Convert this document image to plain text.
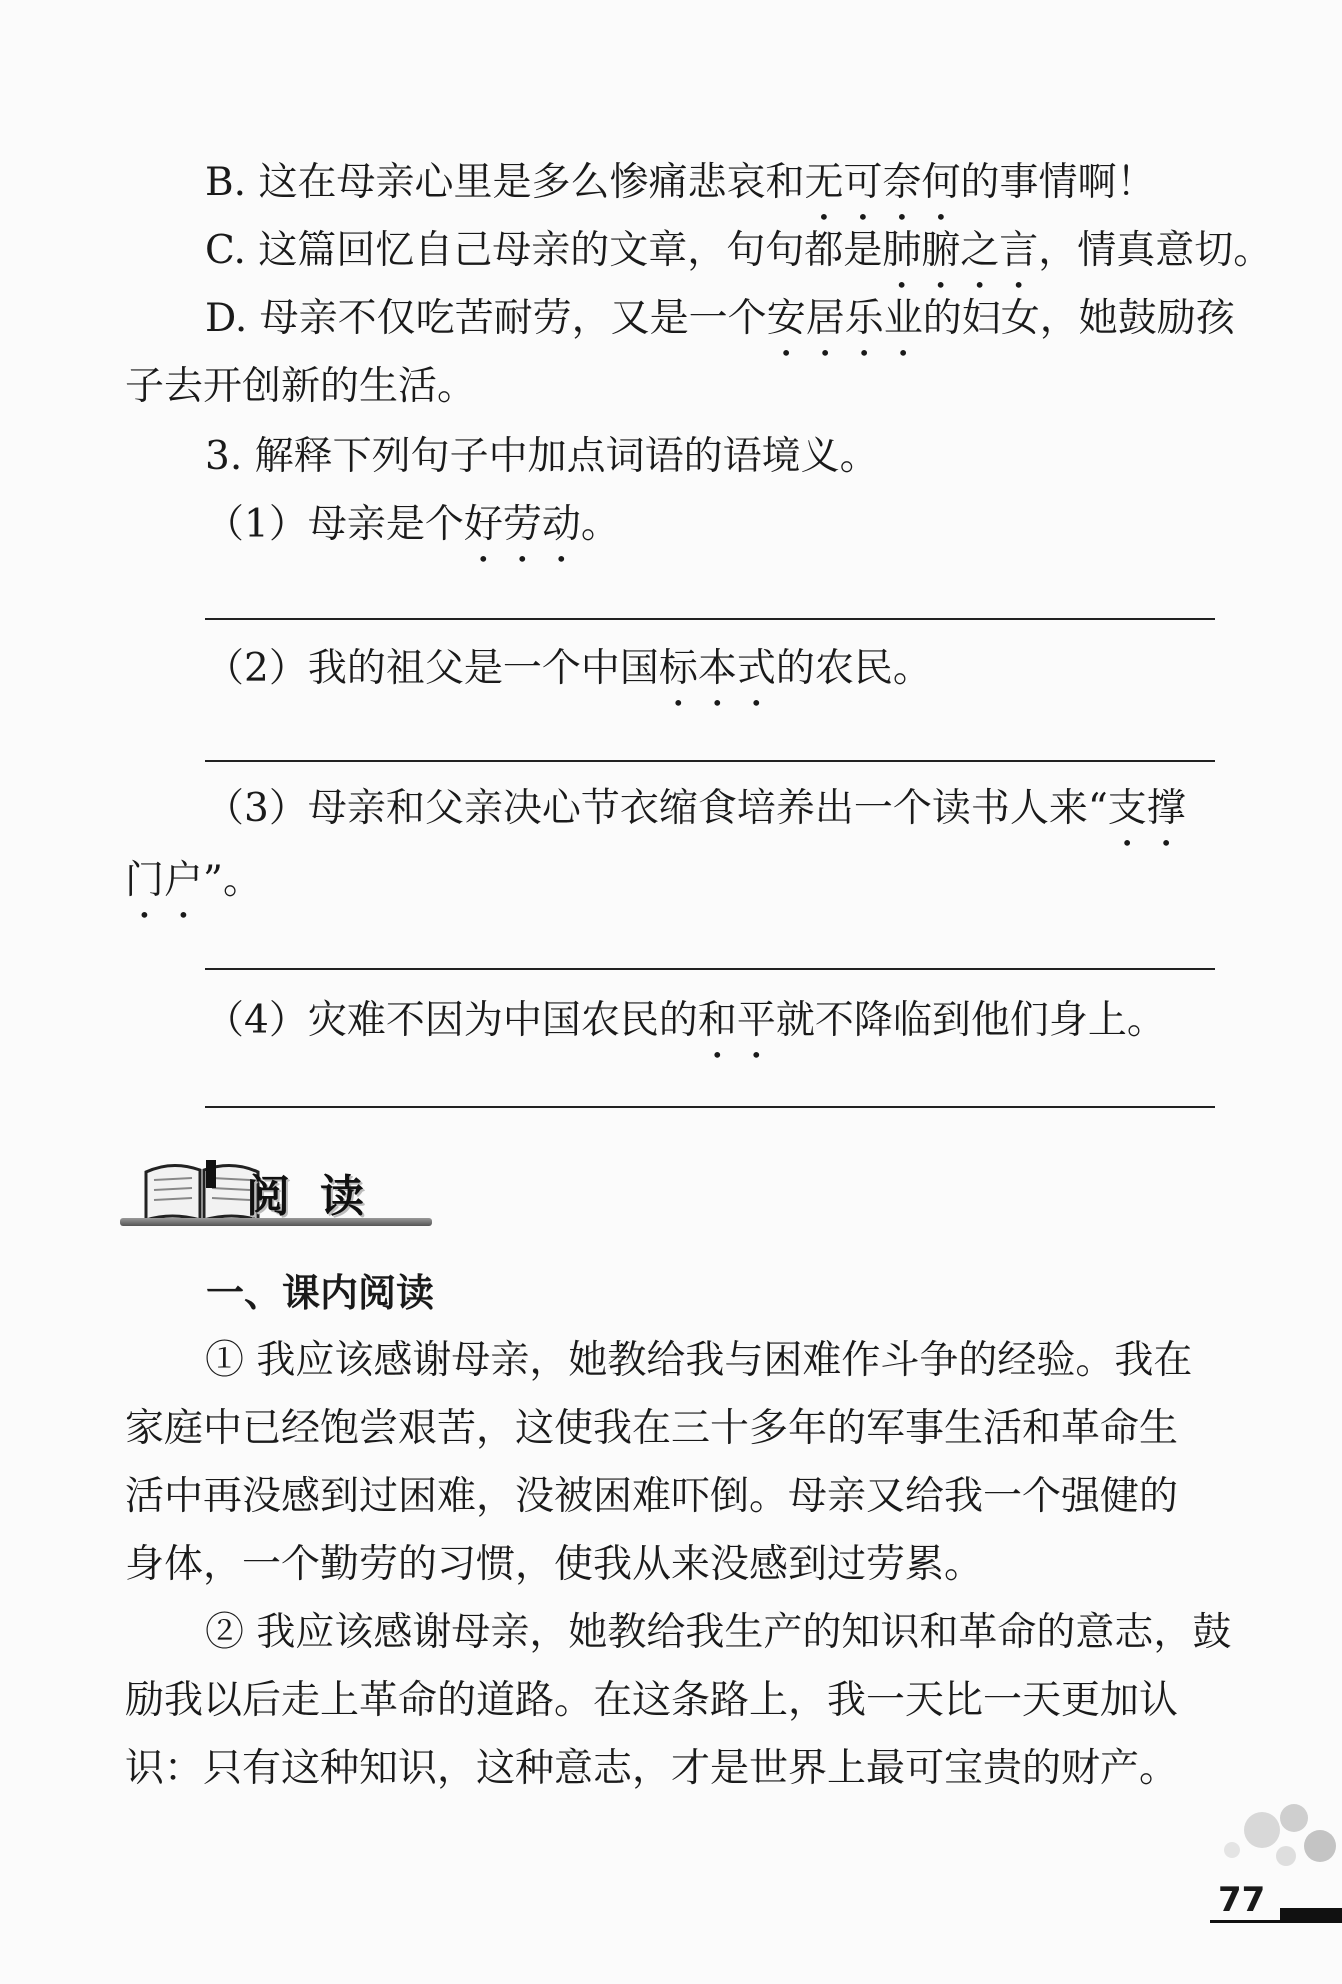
B. 这在母亲心里是多么惨痛悲哀和无可奈何的事情啊！
C. 这篇回忆自己母亲的文章，句句都是肺腑之言，情真意切。
D. 母亲不仅吃苦耐劳，又是一个安居乐业的妇女，她鼓励孩
子去开创新的生活。
3. 解释下列句子中加点词语的语境义。
（1）母亲是个好劳动。
（2）我的祖父是一个中国标本式的农民。
（3）母亲和父亲决心节衣缩食培养出一个读书人来“支撑
门户”。
（4）灾难不因为中国农民的和平就不降临到他们身上。
阅读
一、课内阅读
① 我应该感谢母亲，她教给我与困难作斗争的经验。我在
家庭中已经饱尝艰苦，这使我在三十多年的军事生活和革命生
活中再没感到过困难，没被困难吓倒。母亲又给我一个强健的
身体，一个勤劳的习惯，使我从来没感到过劳累。
② 我应该感谢母亲，她教给我生产的知识和革命的意志，鼓
励我以后走上革命的道路。在这条路上，我一天比一天更加认
识：只有这种知识，这种意志，才是世界上最可宝贵的财产。
77
